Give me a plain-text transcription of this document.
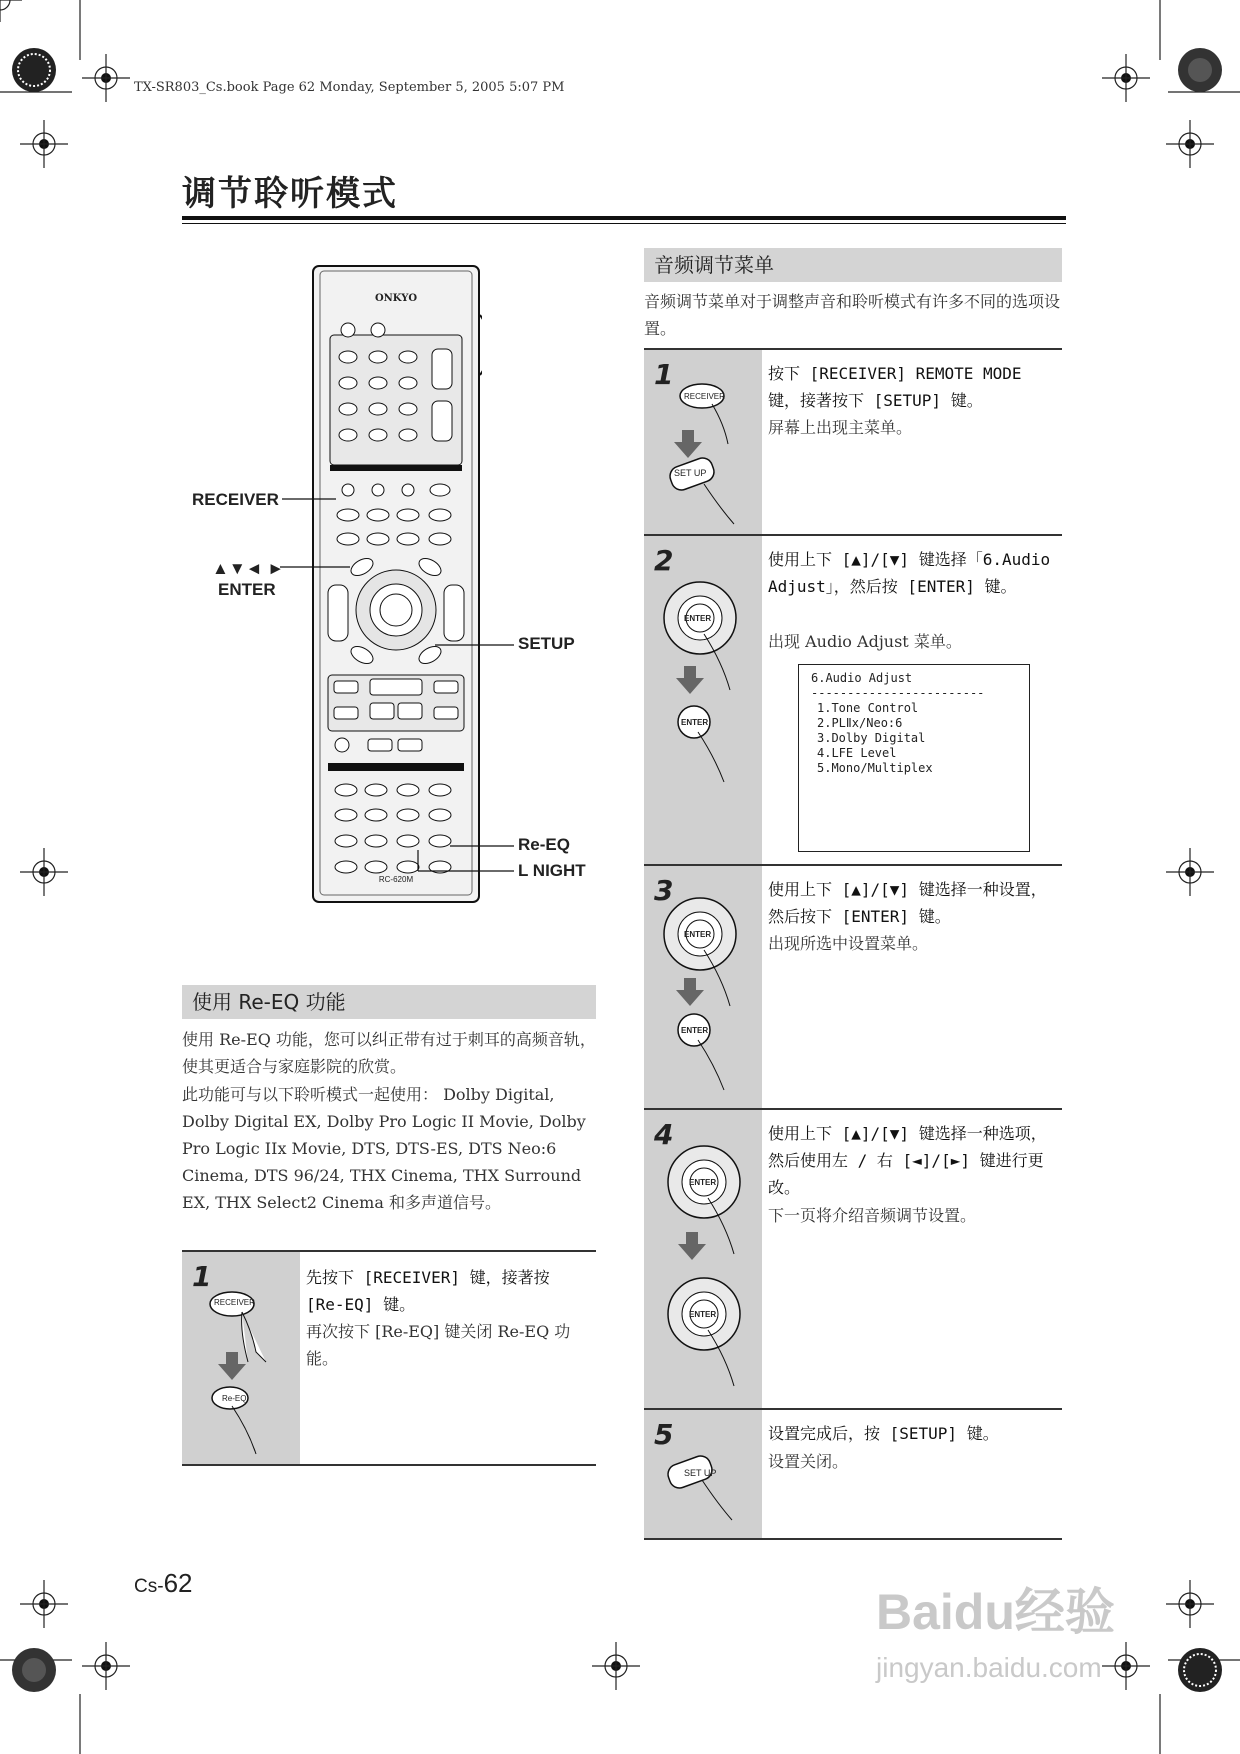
TX-SR803_Cs.book Page 62 Monday, September 5, 2005 5:07 PM
调节聆听模式
ONKYO
RC-620M
RECEIVER
▲▼◄ ►
ENTER
SETUP
Re-EQ
L NIGHT
使用 Re-EQ 功能
使用 Re-EQ 功能，您可以纠正带有过于刺耳的高频音轨，使其更适合与家庭影院的欣赏。
此功能可与以下聆听模式一起使用： Dolby Digital, Dolby Digital EX, Dolby Pro Logic II Movie, Dolby Pro Logic IIx Movie, DTS, DTS-ES, DTS Neo:6 Cinema, DTS 96/24, THX Cinema, THX Surround EX, THX Select2 Cinema 和多声道信号。
1
RECEIVER
Re-EQ
先按下 [RECEIVER] 键，接著按 [Re-EQ] 键。
再次按下 [Re-EQ] 键关闭 Re-EQ 功能。
音频调节菜单
音频调节菜单对于调整声音和聆听模式有许多不同的选项设置。
1
RECEIVER
SET UP
按下 [RECEIVER] REMOTE MODE 键，接著按下 [SETUP] 键。
屏幕上出现主菜单。
2
ENTER
ENTER
使用上下 [▲]/[▼] 键选择「6.Audio Adjust」，然后按 [ENTER] 键。
出现 Audio Adjust 菜单。
6.Audio Adjust
------------------------
1.Tone Control
2.PLⅡx/Neo:6
3.Dolby Digital
4.LFE Level
5.Mono/Multiplex
3
ENTER
ENTER
使用上下 [▲]/[▼] 键选择一种设置，然后按下 [ENTER] 键。
出现所选中设置菜单。
4
ENTER
ENTER
使用上下 [▲]/[▼] 键选择一种选项，然后使用左 / 右 [◄]/[►] 键进行更改。
下一页将介绍音频调节设置。
5
SET UP
设置完成后，按 [SETUP] 键。
设置关闭。
Cs-62
Baidu经验
jingyan.baidu.com
